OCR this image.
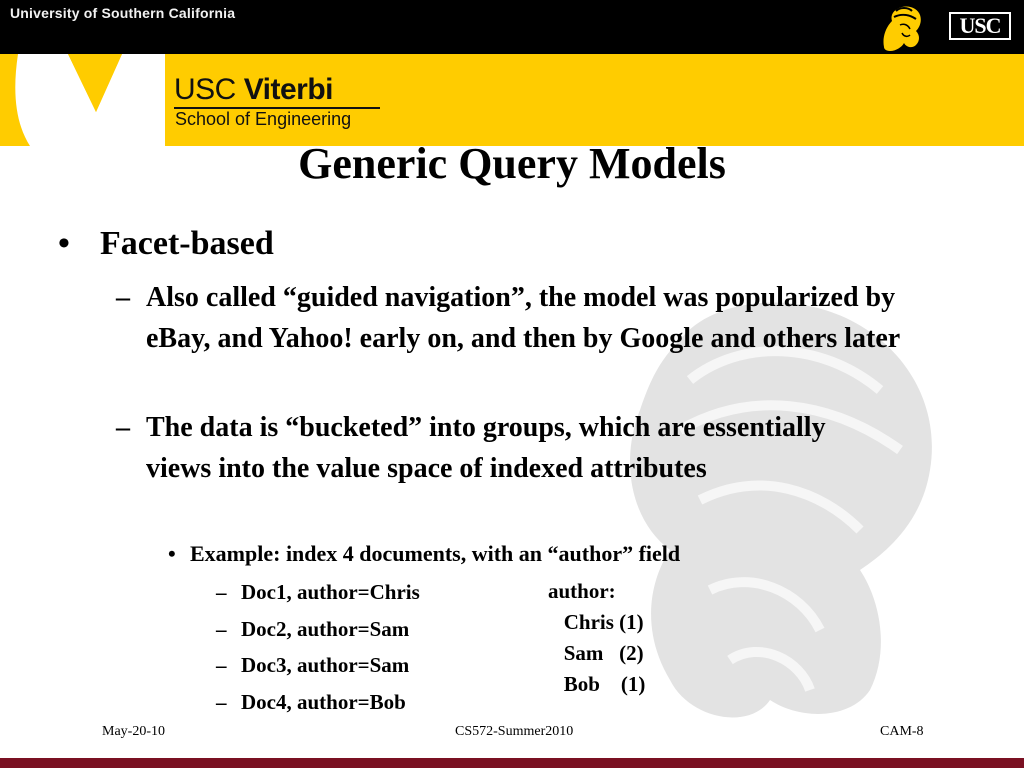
University of Southern California	USC
USC Viterbi
School of Engineering
Generic Query Models
• Facet-based
– Also called “guided navigation”, the model was popularized by eBay, and Yahoo! early on, and then by Google and others later
– The data is “bucketed” into groups, which are essentially views into the value space of indexed attributes
• Example: index 4 documents, with an “author” field
– Doc1, author=Chris
– Doc2, author=Sam
– Doc3, author=Sam
– Doc4, author=Bob
author:
Chris (1)
Sam   (2)
Bob    (1)
May-20-10	CS572-Summer2010	CAM-8
